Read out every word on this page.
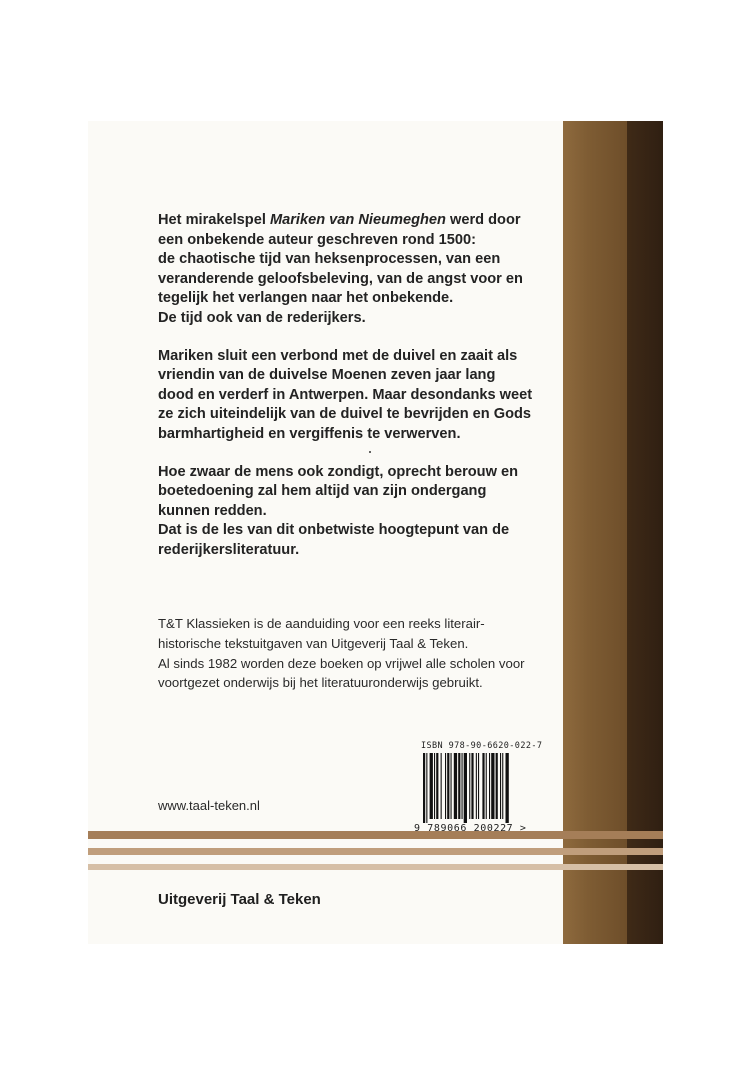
Het mirakelspel Mariken van Nieumeghen werd door
een onbekende auteur geschreven rond 1500:
de chaotische tijd van heksenprocessen, van een
veranderende geloofsbeleving, van de angst voor en
tegelijk het verlangen naar het onbekende.
De tijd ook van de rederijkers.

Mariken sluit een verbond met de duivel en zaait als
vriendin van de duivelse Moenen zeven jaar lang
dood en verderf in Antwerpen. Maar desondanks weet
ze zich uiteindelijk van de duivel te bevrijden en Gods
barmhartigheid en vergiffenis te verwerven.

Hoe zwaar de mens ook zondigt, oprecht berouw en
boetedoening zal hem altijd van zijn ondergang
kunnen redden.
Dat is de les van dit onbetwiste hoogtepunt van de
rederijkersliteratuur.

T&T Klassieken is de aanduiding voor een reeks literair-
historische tekstuitgaven van Uitgeverij Taal & Teken.
Al sinds 1982 worden deze boeken op vrijwel alle scholen voor
voortgezet onderwijs bij het literatuuronderwijs gebruikt.
ISBN 978-90-6620-022-7
9 789066 200227 >
www.taal-teken.nl
Uitgeverij Taal & Teken
